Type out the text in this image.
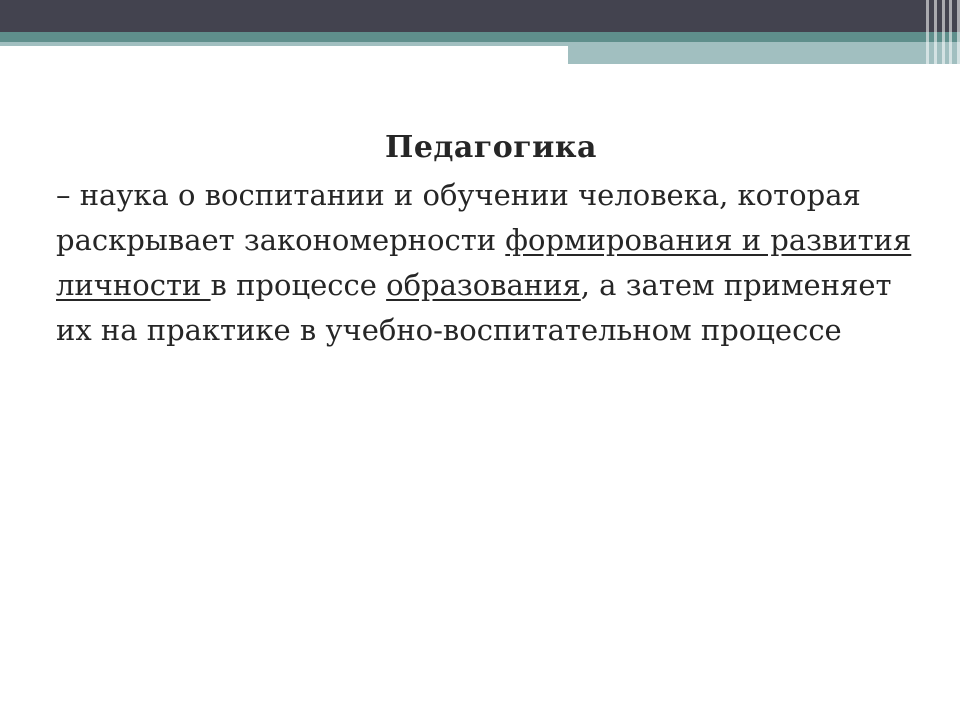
Педагогика

– наука о воспитании и обучении человека, которая раскрывает закономерности формирования и развития личности в процессе образования, а затем применяет их на практике в учебно-воспитательном процессе
